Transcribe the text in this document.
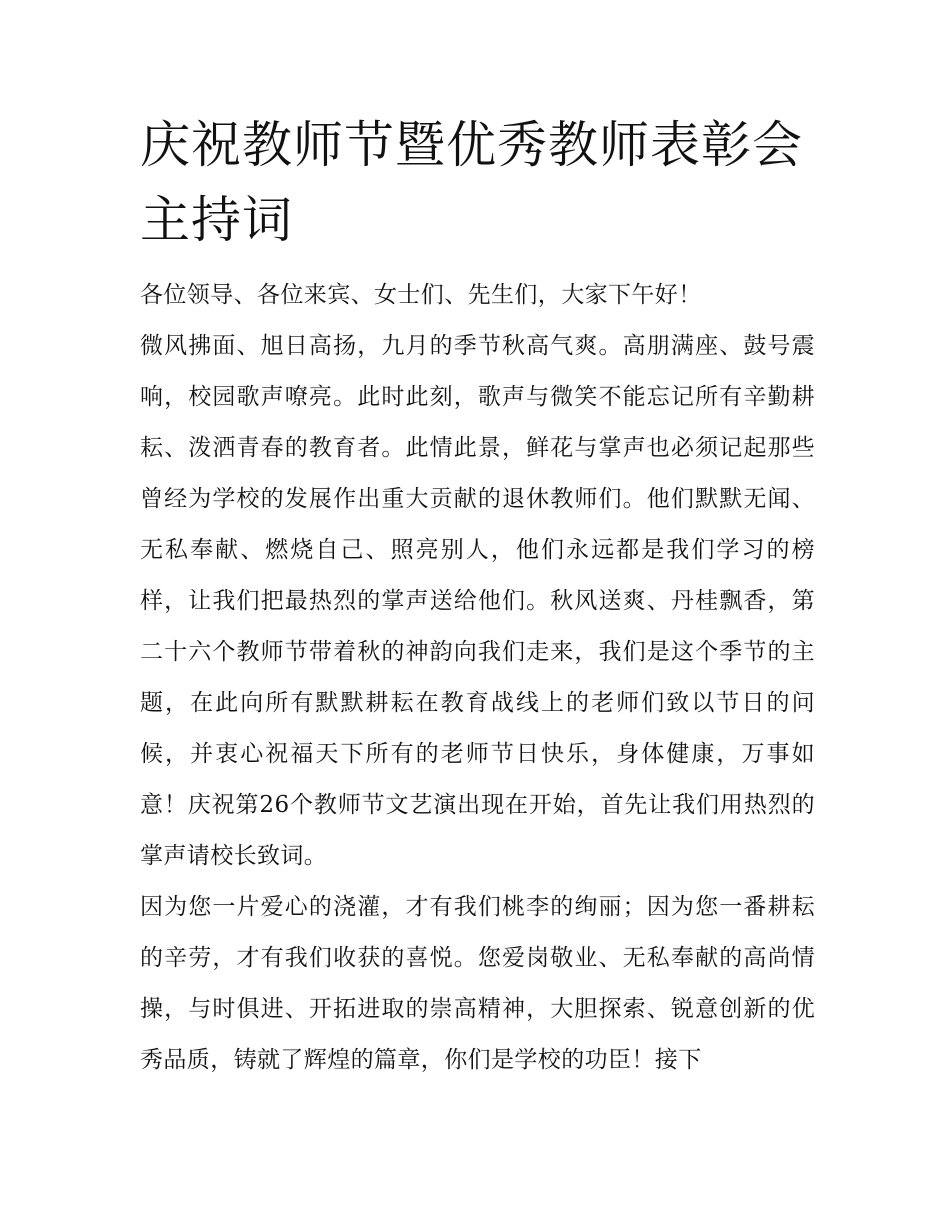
庆祝教师节暨优秀教师表彰会主持词

各位领导、各位来宾、女士们、先生们，大家下午好！

微风拂面、旭日高扬，九月的季节秋高气爽。高朋满座、鼓号震响，校园歌声嘹亮。此时此刻，歌声与微笑不能忘记所有辛勤耕耘、泼洒青春的教育者。此情此景，鲜花与掌声也必须记起那些曾经为学校的发展作出重大贡献的退休教师们。他们默默无闻、无私奉献、燃烧自己、照亮别人，他们永远都是我们学习的榜样，让我们把最热烈的掌声送给他们。秋风送爽、丹桂飘香，第二十六个教师节带着秋的神韵向我们走来，我们是这个季节的主题，在此向所有默默耕耘在教育战线上的老师们致以节日的问候，并衷心祝福天下所有的老师节日快乐，身体健康，万事如意！庆祝第26个教师节文艺演出现在开始，首先让我们用热烈的掌声请校长致词。

因为您一片爱心的浇灌，才有我们桃李的绚丽；因为您一番耕耘的辛劳，才有我们收获的喜悦。您爱岗敬业、无私奉献的高尚情操，与时俱进、开拓进取的崇高精神，大胆探索、锐意创新的优秀品质，铸就了辉煌的篇章，你们是学校的功臣！接下
